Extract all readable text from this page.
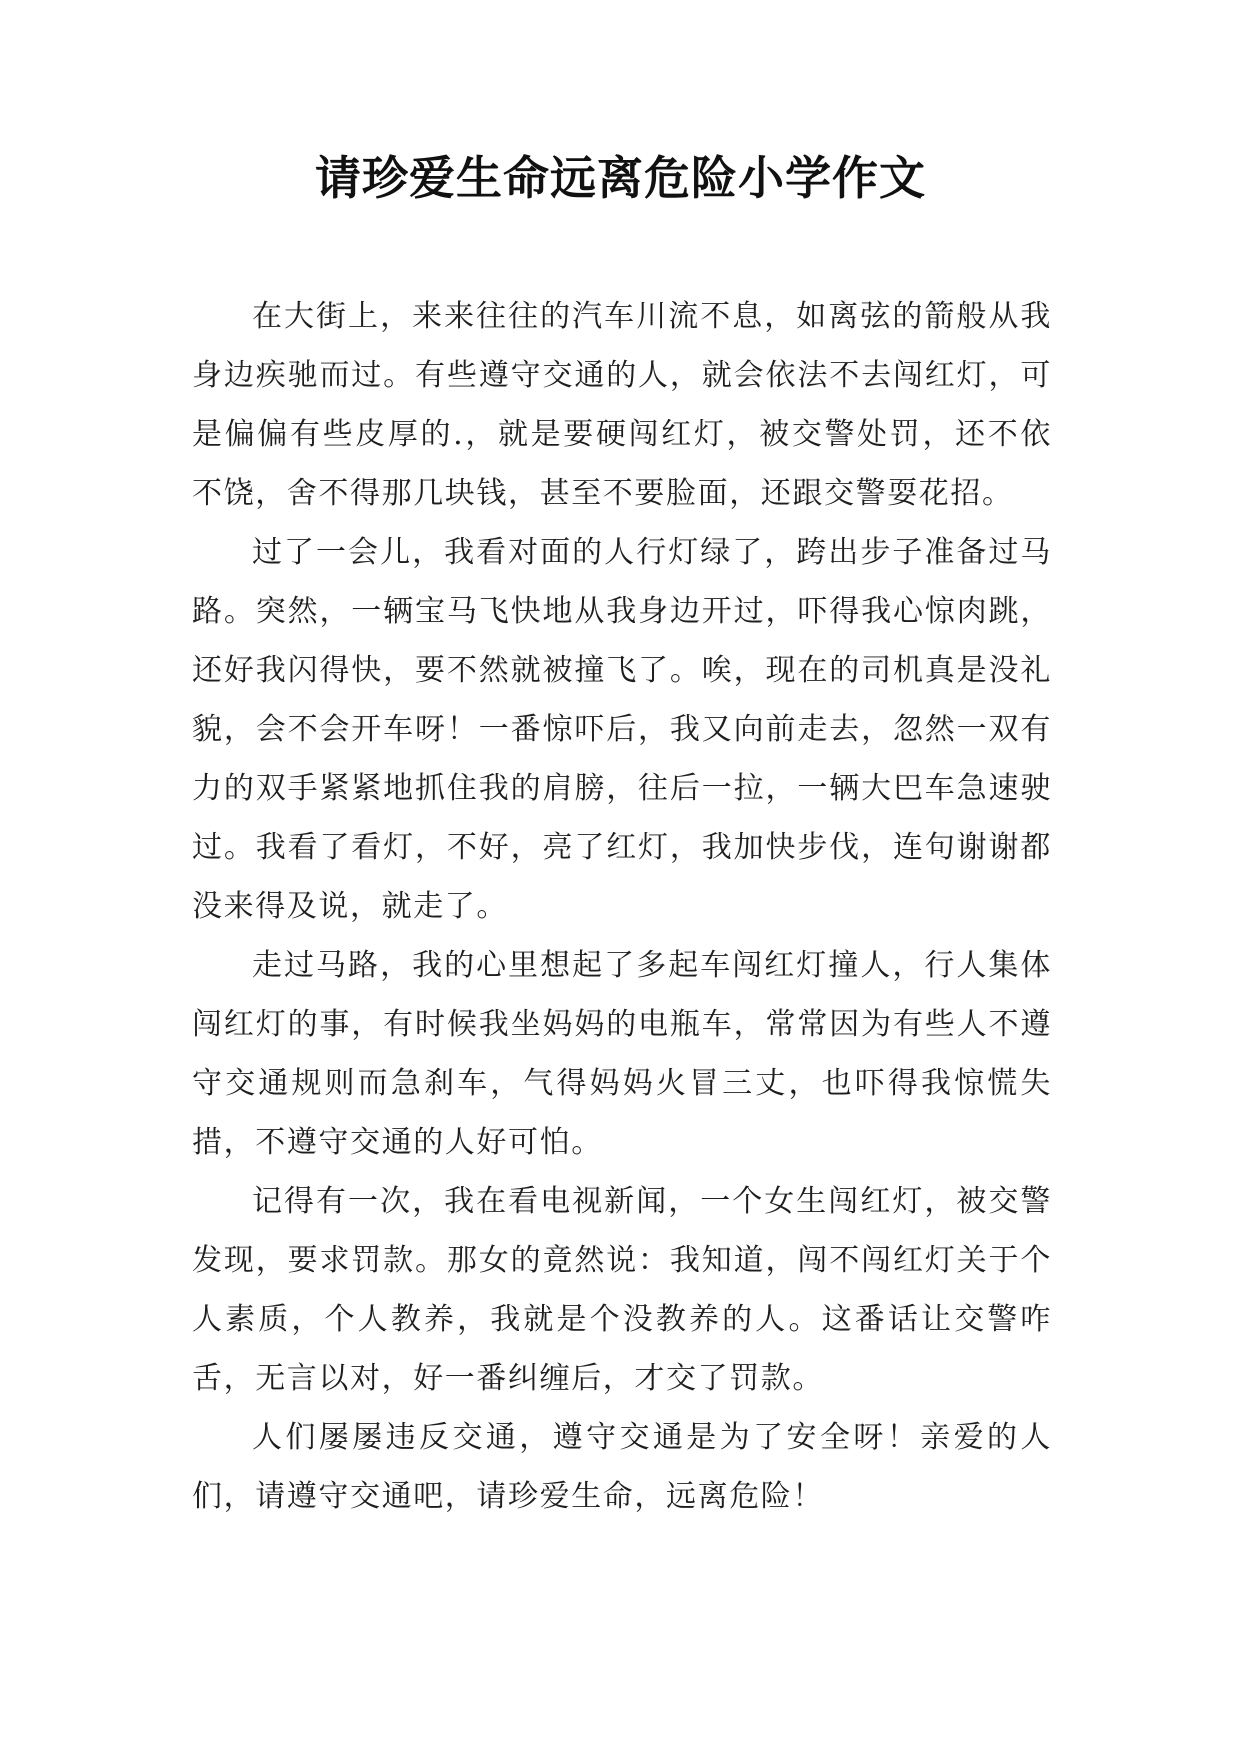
请珍爱生命远离危险小学作文

在大街上，来来往往的汽车川流不息，如离弦的箭般从我身边疾驰而过。有些遵守交通的人，就会依法不去闯红灯，可是偏偏有些皮厚的.，就是要硬闯红灯，被交警处罚，还不依不饶，舍不得那几块钱，甚至不要脸面，还跟交警耍花招。

过了一会儿，我看对面的人行灯绿了，跨出步子准备过马路。突然，一辆宝马飞快地从我身边开过，吓得我心惊肉跳，还好我闪得快，要不然就被撞飞了。唉，现在的司机真是没礼貌，会不会开车呀！一番惊吓后，我又向前走去，忽然一双有力的双手紧紧地抓住我的肩膀，往后一拉，一辆大巴车急速驶过。我看了看灯，不好，亮了红灯，我加快步伐，连句谢谢都没来得及说，就走了。

走过马路，我的心里想起了多起车闯红灯撞人，行人集体闯红灯的事，有时候我坐妈妈的电瓶车，常常因为有些人不遵守交通规则而急刹车，气得妈妈火冒三丈，也吓得我惊慌失措，不遵守交通的人好可怕。

记得有一次，我在看电视新闻，一个女生闯红灯，被交警发现，要求罚款。那女的竟然说：我知道，闯不闯红灯关于个人素质，个人教养，我就是个没教养的人。这番话让交警咋舌，无言以对，好一番纠缠后，才交了罚款。

人们屡屡违反交通，遵守交通是为了安全呀！亲爱的人们，请遵守交通吧，请珍爱生命，远离危险！
